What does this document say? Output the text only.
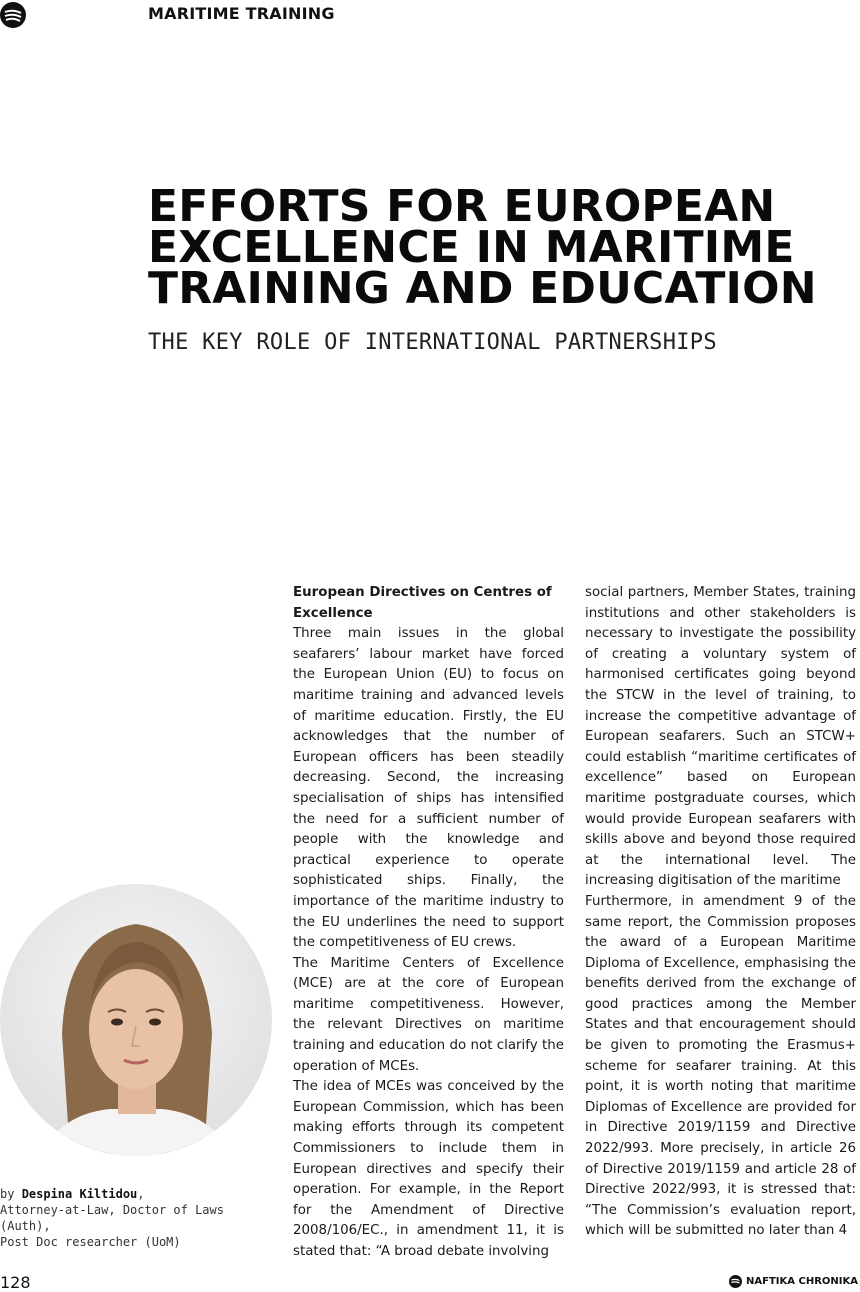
MARITIME TRAINING
EFFORTS FOR EUROPEAN
EXCELLENCE IN MARITIME
TRAINING AND EDUCATION
THE KEY ROLE OF INTERNATIONAL PARTNERSHIPS
by Despina Kiltidou,
Attorney-at-Law, Doctor of Laws (Auth),
Post Doc researcher (UoM)
European Directives on Centres of Excellence

Three main issues in the global seafarers’ labour market have forced the European Union (EU) to focus on maritime training and advanced levels of maritime education. Firstly, the EU acknowledges that the number of European officers has been steadily decreasing. Second, the increasing specialisation of ships has intensified the need for a sufficient number of people with the knowledge and practical experience to operate sophisticated ships. Finally, the importance of the maritime industry to the EU underlines the need to support the competitiveness of EU crews.

The Maritime Centers of Excellence (MCE) are at the core of European maritime competitiveness. However, the relevant Directives on maritime training and education do not clarify the operation of MCEs.

The idea of MCEs was conceived by the European Commission, which has been making efforts through its competent Commissioners to include them in European directives and specify their operation. For example, in the Report for the Amendment of Directive 2008/106/EC., in amendment 11, it is stated that: “A broad debate involving

social partners, Member States, training institutions and other stakeholders is necessary to investigate the possibility of creating a voluntary system of harmonised certificates going beyond the STCW in the level of training, to increase the competitive advantage of European seafarers. Such an STCW+ could establish “maritime certificates of excellence” based on European maritime postgraduate courses, which would provide European seafarers with skills above and beyond those required at the international level. The increasing digitisation of the maritime

Furthermore, in amendment 9 of the same report, the Commission proposes the award of a European Maritime Diploma of Excellence, emphasising the benefits derived from the exchange of good practices among the Member States and that encouragement should be given to promoting the Erasmus+ scheme for seafarer training. At this point, it is worth noting that maritime Diplomas of Excellence are provided for in Directive 2019/1159 and Directive 2022/993. More precisely, in article 26 of Directive 2019/1159 and article 28 of Directive 2022/993, it is stressed that: “The Commission’s evaluation report, which will be submitted no later than 4

128	NAFTIKA CHRONIKA
